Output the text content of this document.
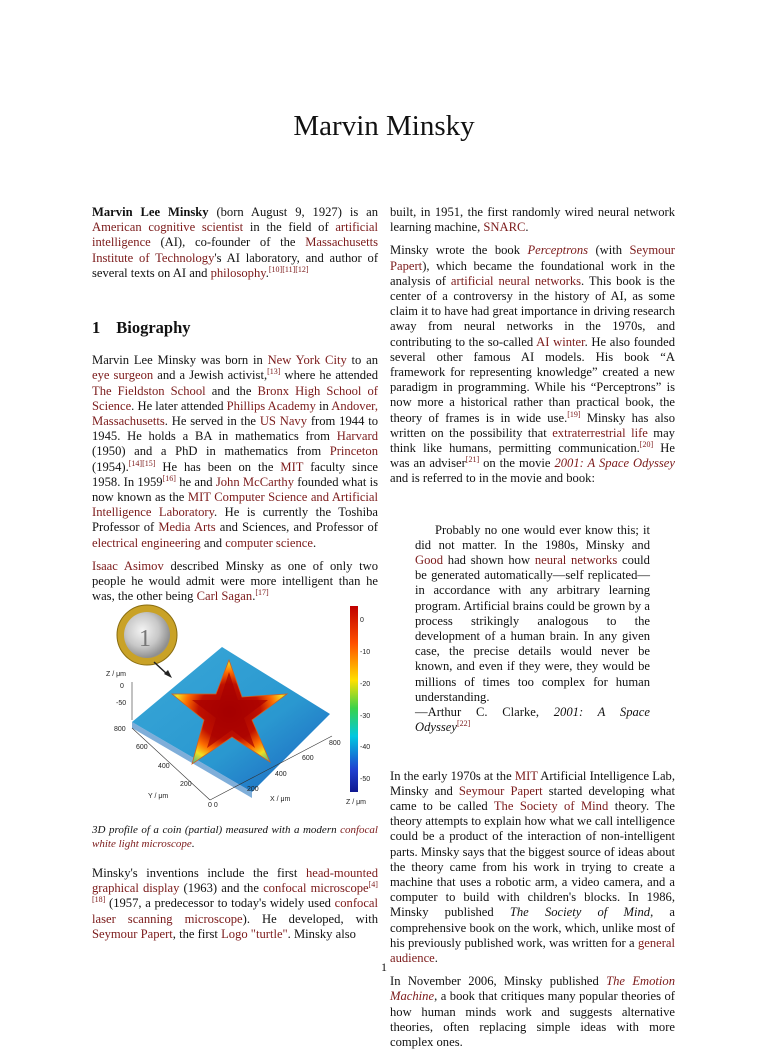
Marvin Minsky

Marvin Lee Minsky (born August 9, 1927) is an American cognitive scientist in the field of artificial intelligence (AI), co-founder of the Massachusetts Institute of Technology's AI laboratory, and author of several texts on AI and philosophy.[10][11][12]

1 Biography

Marvin Lee Minsky was born in New York City to an eye surgeon and a Jewish activist,[13] where he attended The Fieldston School and the Bronx High School of Science. He later attended Phillips Academy in Andover, Massachusetts. He served in the US Navy from 1944 to 1945. He holds a BA in mathematics from Harvard (1950) and a PhD in mathematics from Princeton (1954).[14][15] He has been on the MIT faculty since 1958. In 1959[16] he and John McCarthy founded what is now known as the MIT Computer Science and Artificial Intelligence Laboratory. He is currently the Toshiba Professor of Media Arts and Sciences, and Professor of electrical engineering and computer science.

Isaac Asimov described Minsky as one of only two people he would admit were more intelligent than he was, the other being Carl Sagan.[17]

1
Z / μm
0
-50
800
600
400
200
Y / μm
0 0
800
600
400
200
X / μm
0
-10
-20
-30
-40
-50
Z / μm
3D profile of a coin (partial) measured with a modern confocal white light microscope.

Minsky's inventions include the first head-mounted graphical display (1963) and the confocal microscope[4][18] (1957, a predecessor to today's widely used confocal laser scanning microscope). He developed, with Seymour Papert, the first Logo "turtle". Minsky also

built, in 1951, the first randomly wired neural network learning machine, SNARC.

Minsky wrote the book Perceptrons (with Seymour Papert), which became the foundational work in the analysis of artificial neural networks. This book is the center of a controversy in the history of AI, as some claim it to have had great importance in driving research away from neural networks in the 1970s, and contributing to the so-called AI winter. He also founded several other famous AI models. His book “A framework for representing knowledge” created a new paradigm in programming. While his “Perceptrons” is now more a historical rather than practical book, the theory of frames is in wide use.[19] Minsky has also written on the possibility that extraterrestrial life may think like humans, permitting communication.[20] He was an adviser[21] on the movie 2001: A Space Odyssey and is referred to in the movie and book:

Probably no one would ever know this; it did not matter. In the 1980s, Minsky and Good had shown how neural networks could be generated automatically—self replicated—in accordance with any arbitrary learning program. Artificial brains could be grown by a process strikingly analogous to the development of a human brain. In any given case, the precise details would never be known, and even if they were, they would be millions of times too complex for human understanding.
—Arthur C. Clarke, 2001: A Space Odyssey[22]

In the early 1970s at the MIT Artificial Intelligence Lab, Minsky and Seymour Papert started developing what came to be called The Society of Mind theory. The theory attempts to explain how what we call intelligence could be a product of the interaction of non-intelligent parts. Minsky says that the biggest source of ideas about the theory came from his work in trying to create a machine that uses a robotic arm, a video camera, and a computer to build with children's blocks. In 1986, Minsky published The Society of Mind, a comprehensive book on the work, which, unlike most of his previously published work, was written for a general audience.

In November 2006, Minsky published The Emotion Machine, a book that critiques many popular theories of how human minds work and suggests alternative theories, often replacing simple ideas with more complex ones.

1
